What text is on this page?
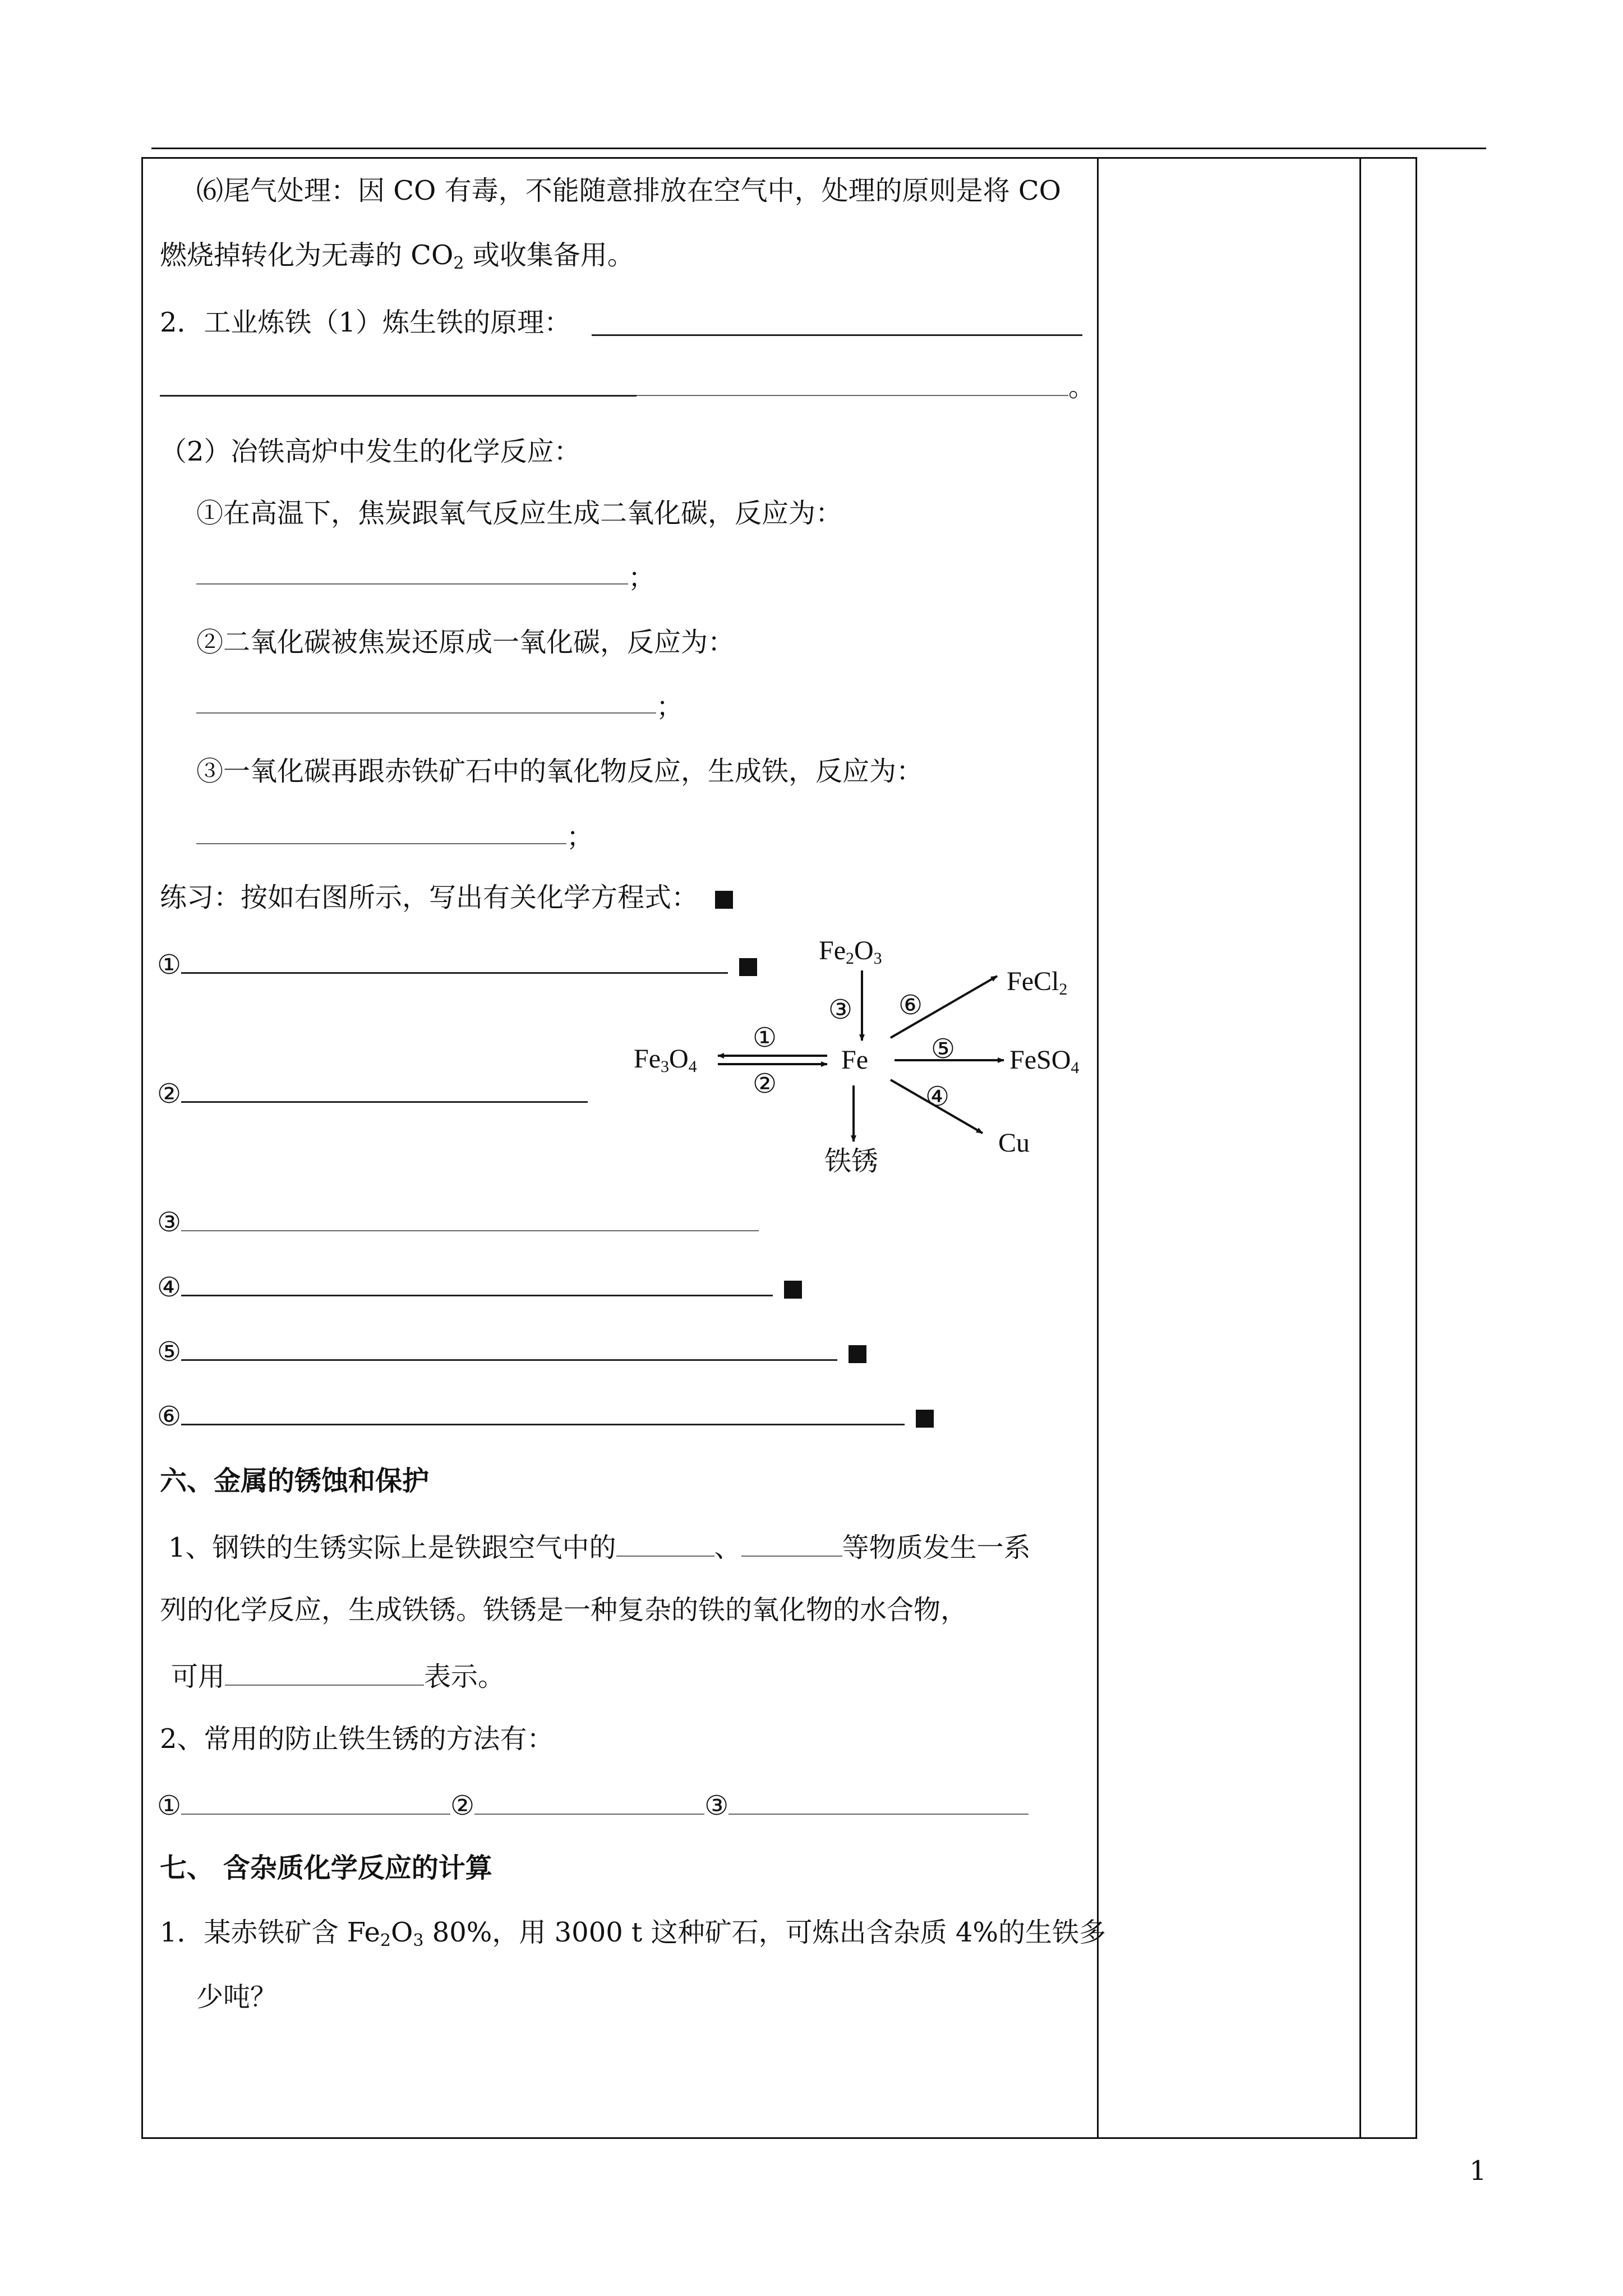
⑹尾气处理：因 CO 有毒，不能随意排放在空气中，处理的原则是将 CO
燃烧掉转化为无毒的 $CO_2$ 或收集备用。
2．工业炼铁（1）炼生铁的原理：
。
（2）冶铁高炉中发生的化学反应：
①在高温下，焦炭跟氧气反应生成二氧化碳，反应为：
；
②二氧化碳被焦炭还原成一氧化碳，反应为：
；
③一氧化碳再跟赤铁矿石中的氧化物反应，生成铁，反应为：
；
练习：按如右图所示，写出有关化学方程式：
①
②
③
④
⑤
⑥
$Fe_2O_3$
Fe
$Fe_3O_4$
FeCl$_2$
FeSO$_4$
Cu
铁锈
①
②
③
④
⑤
⑥
六、金属的锈蚀和保护
1、钢铁的生锈实际上是铁跟空气中的	、	等物质发生一系
列的化学反应，生成铁锈。铁锈是一种复杂的铁的氧化物的水合物，
可用	表示。
2、常用的防止铁生锈的方法有：
①	②	③
七、 含杂质化学反应的计算
1．某赤铁矿含 $Fe_2O_3$ 80%，用 3000 t 这种矿石，可炼出含杂质 4%的生铁多
少吨？
1
